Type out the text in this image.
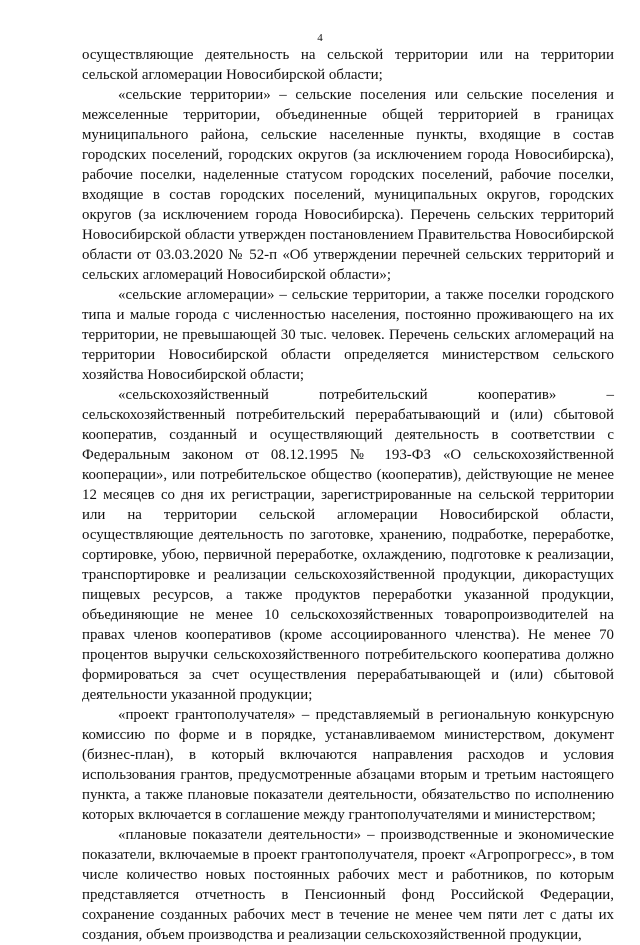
4

осуществляющие деятельность на сельской территории или на территории сельской агломерации Новосибирской области;

«сельские территории» – сельские поселения или сельские поселения и межселенные территории, объединенные общей территорией в границах муниципального района, сельские населенные пункты, входящие в состав городских поселений, городских округов (за исключением города Новосибирска), рабочие поселки, наделенные статусом городских поселений, рабочие поселки, входящие в состав городских поселений, муниципальных округов, городских округов (за исключением города Новосибирска). Перечень сельских территорий Новосибирской области утвержден постановлением Правительства Новосибирской области от 03.03.2020 № 52-п «Об утверждении перечней сельских территорий и сельских агломераций Новосибирской области»;

«сельские агломерации» – сельские территории, а также поселки городского типа и малые города с численностью населения, постоянно проживающего на их территории, не превышающей 30 тыс. человек. Перечень сельских агломераций на территории Новосибирской области определяется министерством сельского хозяйства Новосибирской области;

«сельскохозяйственный потребительский кооператив» – сельскохозяйственный потребительский перерабатывающий и (или) сбытовой кооператив, созданный и осуществляющий деятельность в соответствии с Федеральным законом от 08.12.1995 № 193-ФЗ «О сельскохозяйственной кооперации», или потребительское общество (кооператив), действующие не менее 12 месяцев со дня их регистрации, зарегистрированные на сельской территории или на территории сельской агломерации Новосибирской области, осуществляющие деятельность по заготовке, хранению, подработке, переработке, сортировке, убою, первичной переработке, охлаждению, подготовке к реализации, транспортировке и реализации сельскохозяйственной продукции, дикорастущих пищевых ресурсов, а также продуктов переработки указанной продукции, объединяющие не менее 10 сельскохозяйственных товаропроизводителей на правах членов кооперативов (кроме ассоциированного членства). Не менее 70 процентов выручки сельскохозяйственного потребительского кооператива должно формироваться за счет осуществления перерабатывающей и (или) сбытовой деятельности указанной продукции;

«проект грантополучателя» – представляемый в региональную конкурсную комиссию по форме и в порядке, устанавливаемом министерством, документ (бизнес-план), в который включаются направления расходов и условия использования грантов, предусмотренные абзацами вторым и третьим настоящего пункта, а также плановые показатели деятельности, обязательство по исполнению которых включается в соглашение между грантополучателями и министерством;

«плановые показатели деятельности» – производственные и экономические показатели, включаемые в проект грантополучателя, проект «Агропрогресс», в том числе количество новых постоянных рабочих мест и работников, по которым представляется отчетность в Пенсионный фонд Российской Федерации, сохранение созданных рабочих мест в течение не менее чем пяти лет с даты их создания, объем производства и реализации сельскохозяйственной продукции,
